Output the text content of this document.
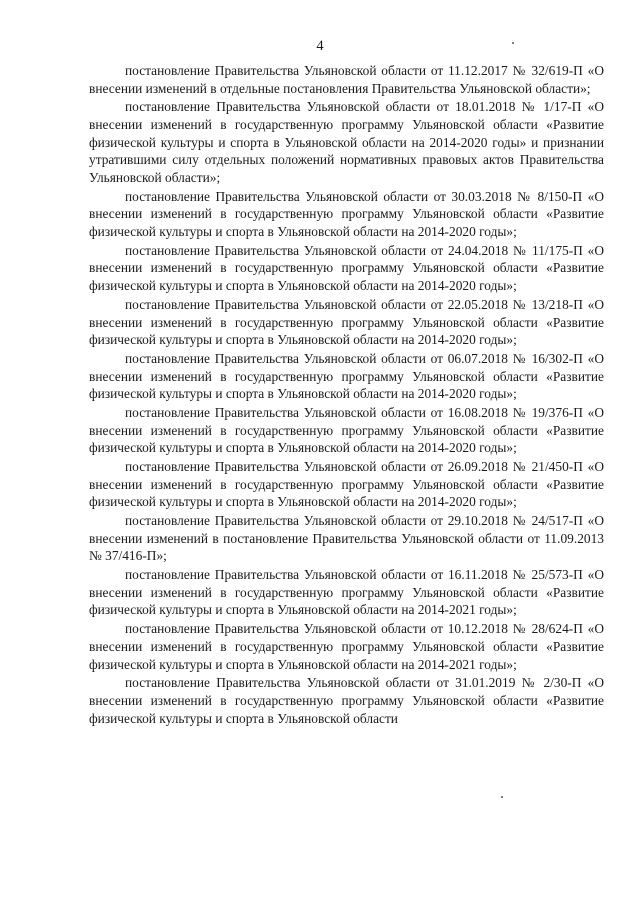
4

постановление Правительства Ульяновской области от 11.12.2017 № 32/619-П «О внесении изменений в отдельные постановления Правительства Ульяновской области»;

постановление Правительства Ульяновской области от 18.01.2018 № 1/17-П «О внесении изменений в государственную программу Ульяновской области «Развитие физической культуры и спорта в Ульяновской области на 2014-2020 годы» и признании утратившими силу отдельных положений нормативных правовых актов Правительства Ульяновской области»;

постановление Правительства Ульяновской области от 30.03.2018 № 8/150-П «О внесении изменений в государственную программу Ульяновской области «Развитие физической культуры и спорта в Ульяновской области на 2014-2020 годы»;

постановление Правительства Ульяновской области от 24.04.2018 № 11/175-П «О внесении изменений в государственную программу Ульяновской области «Развитие физической культуры и спорта в Ульяновской области на 2014-2020 годы»;

постановление Правительства Ульяновской области от 22.05.2018 № 13/218-П «О внесении изменений в государственную программу Ульяновской области «Развитие физической культуры и спорта в Ульяновской области на 2014-2020 годы»;

постановление Правительства Ульяновской области от 06.07.2018 № 16/302-П «О внесении изменений в государственную программу Ульяновской области «Развитие физической культуры и спорта в Ульяновской области на 2014-2020 годы»;

постановление Правительства Ульяновской области от 16.08.2018 № 19/376-П «О внесении изменений в государственную программу Ульяновской области «Развитие физической культуры и спорта в Ульяновской области на 2014-2020 годы»;

постановление Правительства Ульяновской области от 26.09.2018 № 21/450-П «О внесении изменений в государственную программу Ульяновской области «Развитие физической культуры и спорта в Ульяновской области на 2014-2020 годы»;

постановление Правительства Ульяновской области от 29.10.2018 № 24/517-П «О внесении изменений в постановление Правительства Ульяновской области от 11.09.2013 № 37/416-П»;

постановление Правительства Ульяновской области от 16.11.2018 № 25/573-П «О внесении изменений в государственную программу Ульяновской области «Развитие физической культуры и спорта в Ульяновской области на 2014-2021 годы»;

постановление Правительства Ульяновской области от 10.12.2018 № 28/624-П «О внесении изменений в государственную программу Ульяновской области «Развитие физической культуры и спорта в Ульяновской области на 2014-2021 годы»;

постановление Правительства Ульяновской области от 31.01.2019 № 2/30-П «О внесении изменений в государственную программу Ульяновской области «Развитие физической культуры и спорта в Ульяновской области
